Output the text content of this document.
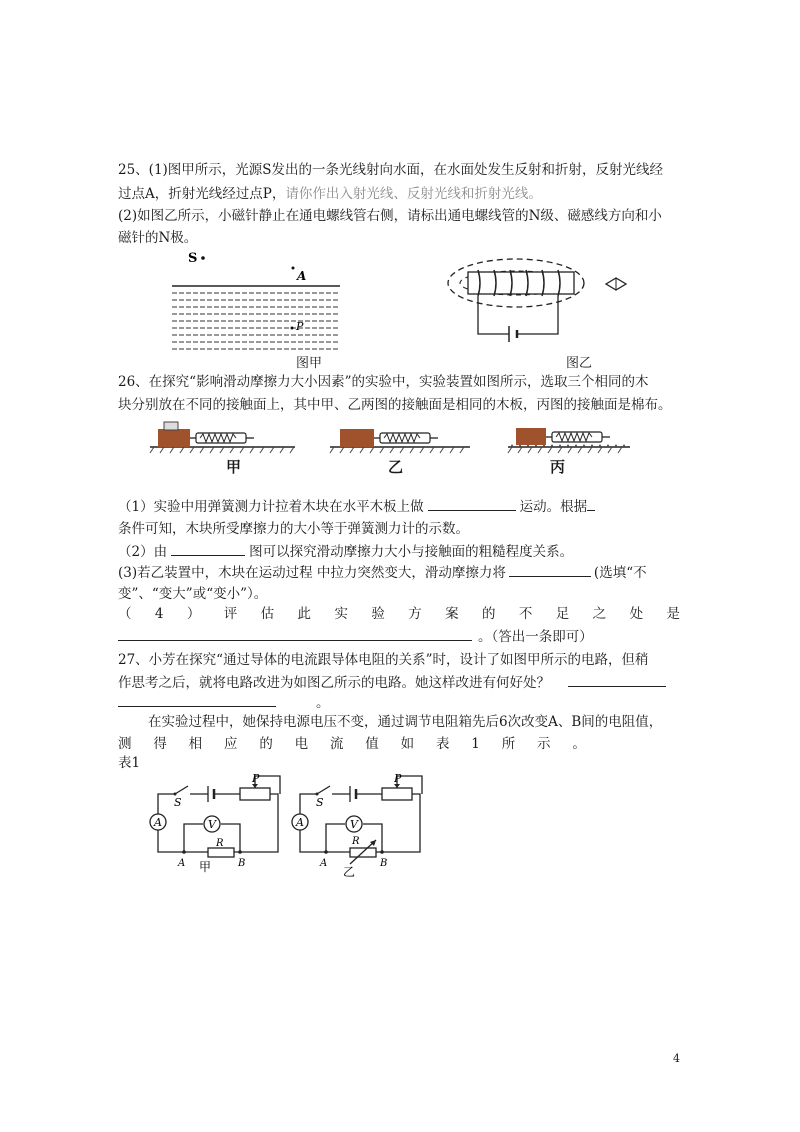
25、(1)图甲所示，光源S发出的一条光线射向水面，在水面处发生反射和折射，反射光线经
过点A，折射光线经过点P，请你作出入射光线、反射光线和折射光线。
(2)如图乙所示，小磁针静止在通电螺线管右侧，请标出通电螺线管的N级、磁感线方向和小
磁针的N极。
S
A
P
图甲	图乙
26、在探究“影响滑动摩擦力大小因素”的实验中，实验装置如图所示，选取三个相同的木
块分别放在不同的接触面上，其中甲、乙两图的接触面是相同的木板，丙图的接触面是棉布。
甲	乙	丙
（1）实验中用弹簧测力计拉着木块在水平木板上做	运动。根据
条件可知，木块所受摩擦力的大小等于弹簧测力计的示数。
（2）由	图可以探究滑动摩擦力大小与接触面的粗糙程度关系。
(3)若乙装置中，木块在运动过程 中拉力突然变大，滑动摩擦力将	(选填“不
变”、“变大”或“变小”）。
（ 4 ） 评 估 此 实 验 方 案 的 不 足 之 处 是
。（答出一条即可）
27、小芳在探究“通过导体的电流跟导体电阻的关系”时，设计了如图甲所示的电路，但稍
作思考之后，就将电路改进为如图乙所示的电路。她这样改进有何好处？
。
在实验过程中，她保持电源电压不变，通过调节电阻箱先后6次改变A、B间的电阻值，
测 得 相 应 的 电 流 值 如 表 1 所 示 。
表1
A	V
S
P
R
A	B
甲
A	V
S
P
R
A	B
乙
4
